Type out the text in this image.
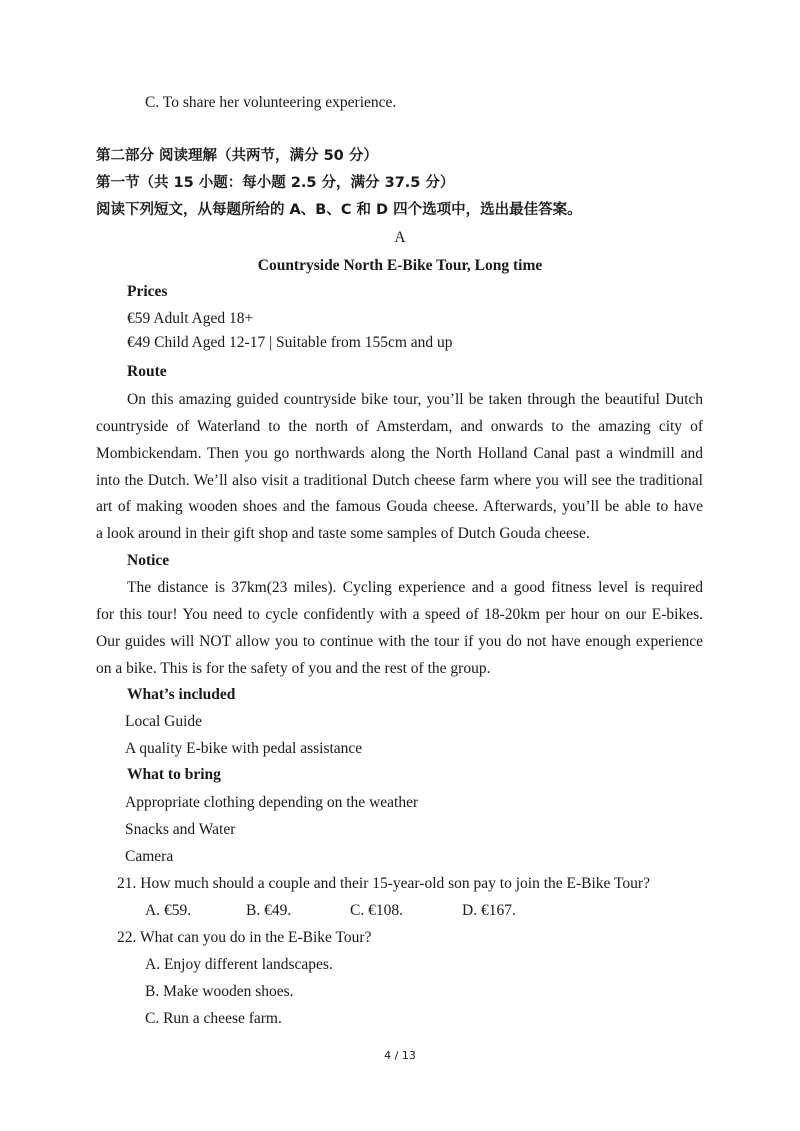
C. To share her volunteering experience.
第二部分 阅读理解（共两节，满分 50 分）
第一节（共 15 小题：每小题 2.5 分，满分 37.5 分）
阅读下列短文，从每题所给的 A、B、C 和 D 四个选项中，选出最佳答案。
A
Countryside North E-Bike Tour, Long time
Prices
€59 Adult Aged 18+
€49 Child Aged 12-17 | Suitable from 155cm and up
Route
On this amazing guided countryside bike tour, you’ll be taken through the beautiful Dutch
countryside of Waterland to the north of Amsterdam, and onwards to the amazing city of
Mombickendam. Then you go northwards along the North Holland Canal past a windmill and
into the Dutch. We’ll also visit a traditional Dutch cheese farm where you will see the traditional
art of making wooden shoes and the famous Gouda cheese. Afterwards, you’ll be able to have
a look around in their gift shop and taste some samples of Dutch Gouda cheese.
Notice
The distance is 37km(23 miles). Cycling experience and a good fitness level is required
for this tour! You need to cycle confidently with a speed of 18-20km per hour on our E-bikes.
Our guides will NOT allow you to continue with the tour if you do not have enough experience
on a bike. This is for the safety of you and the rest of the group.
What’s included
Local Guide
A quality E-bike with pedal assistance
What to bring
Appropriate clothing depending on the weather
Snacks and Water
Camera
21. How much should a couple and their 15-year-old son pay to join the E-Bike Tour?
A. €59.	B. €49.	C. €108.	D. €167.
22. What can you do in the E-Bike Tour?
A. Enjoy different landscapes.
B. Make wooden shoes.
C. Run a cheese farm.
4 / 13
